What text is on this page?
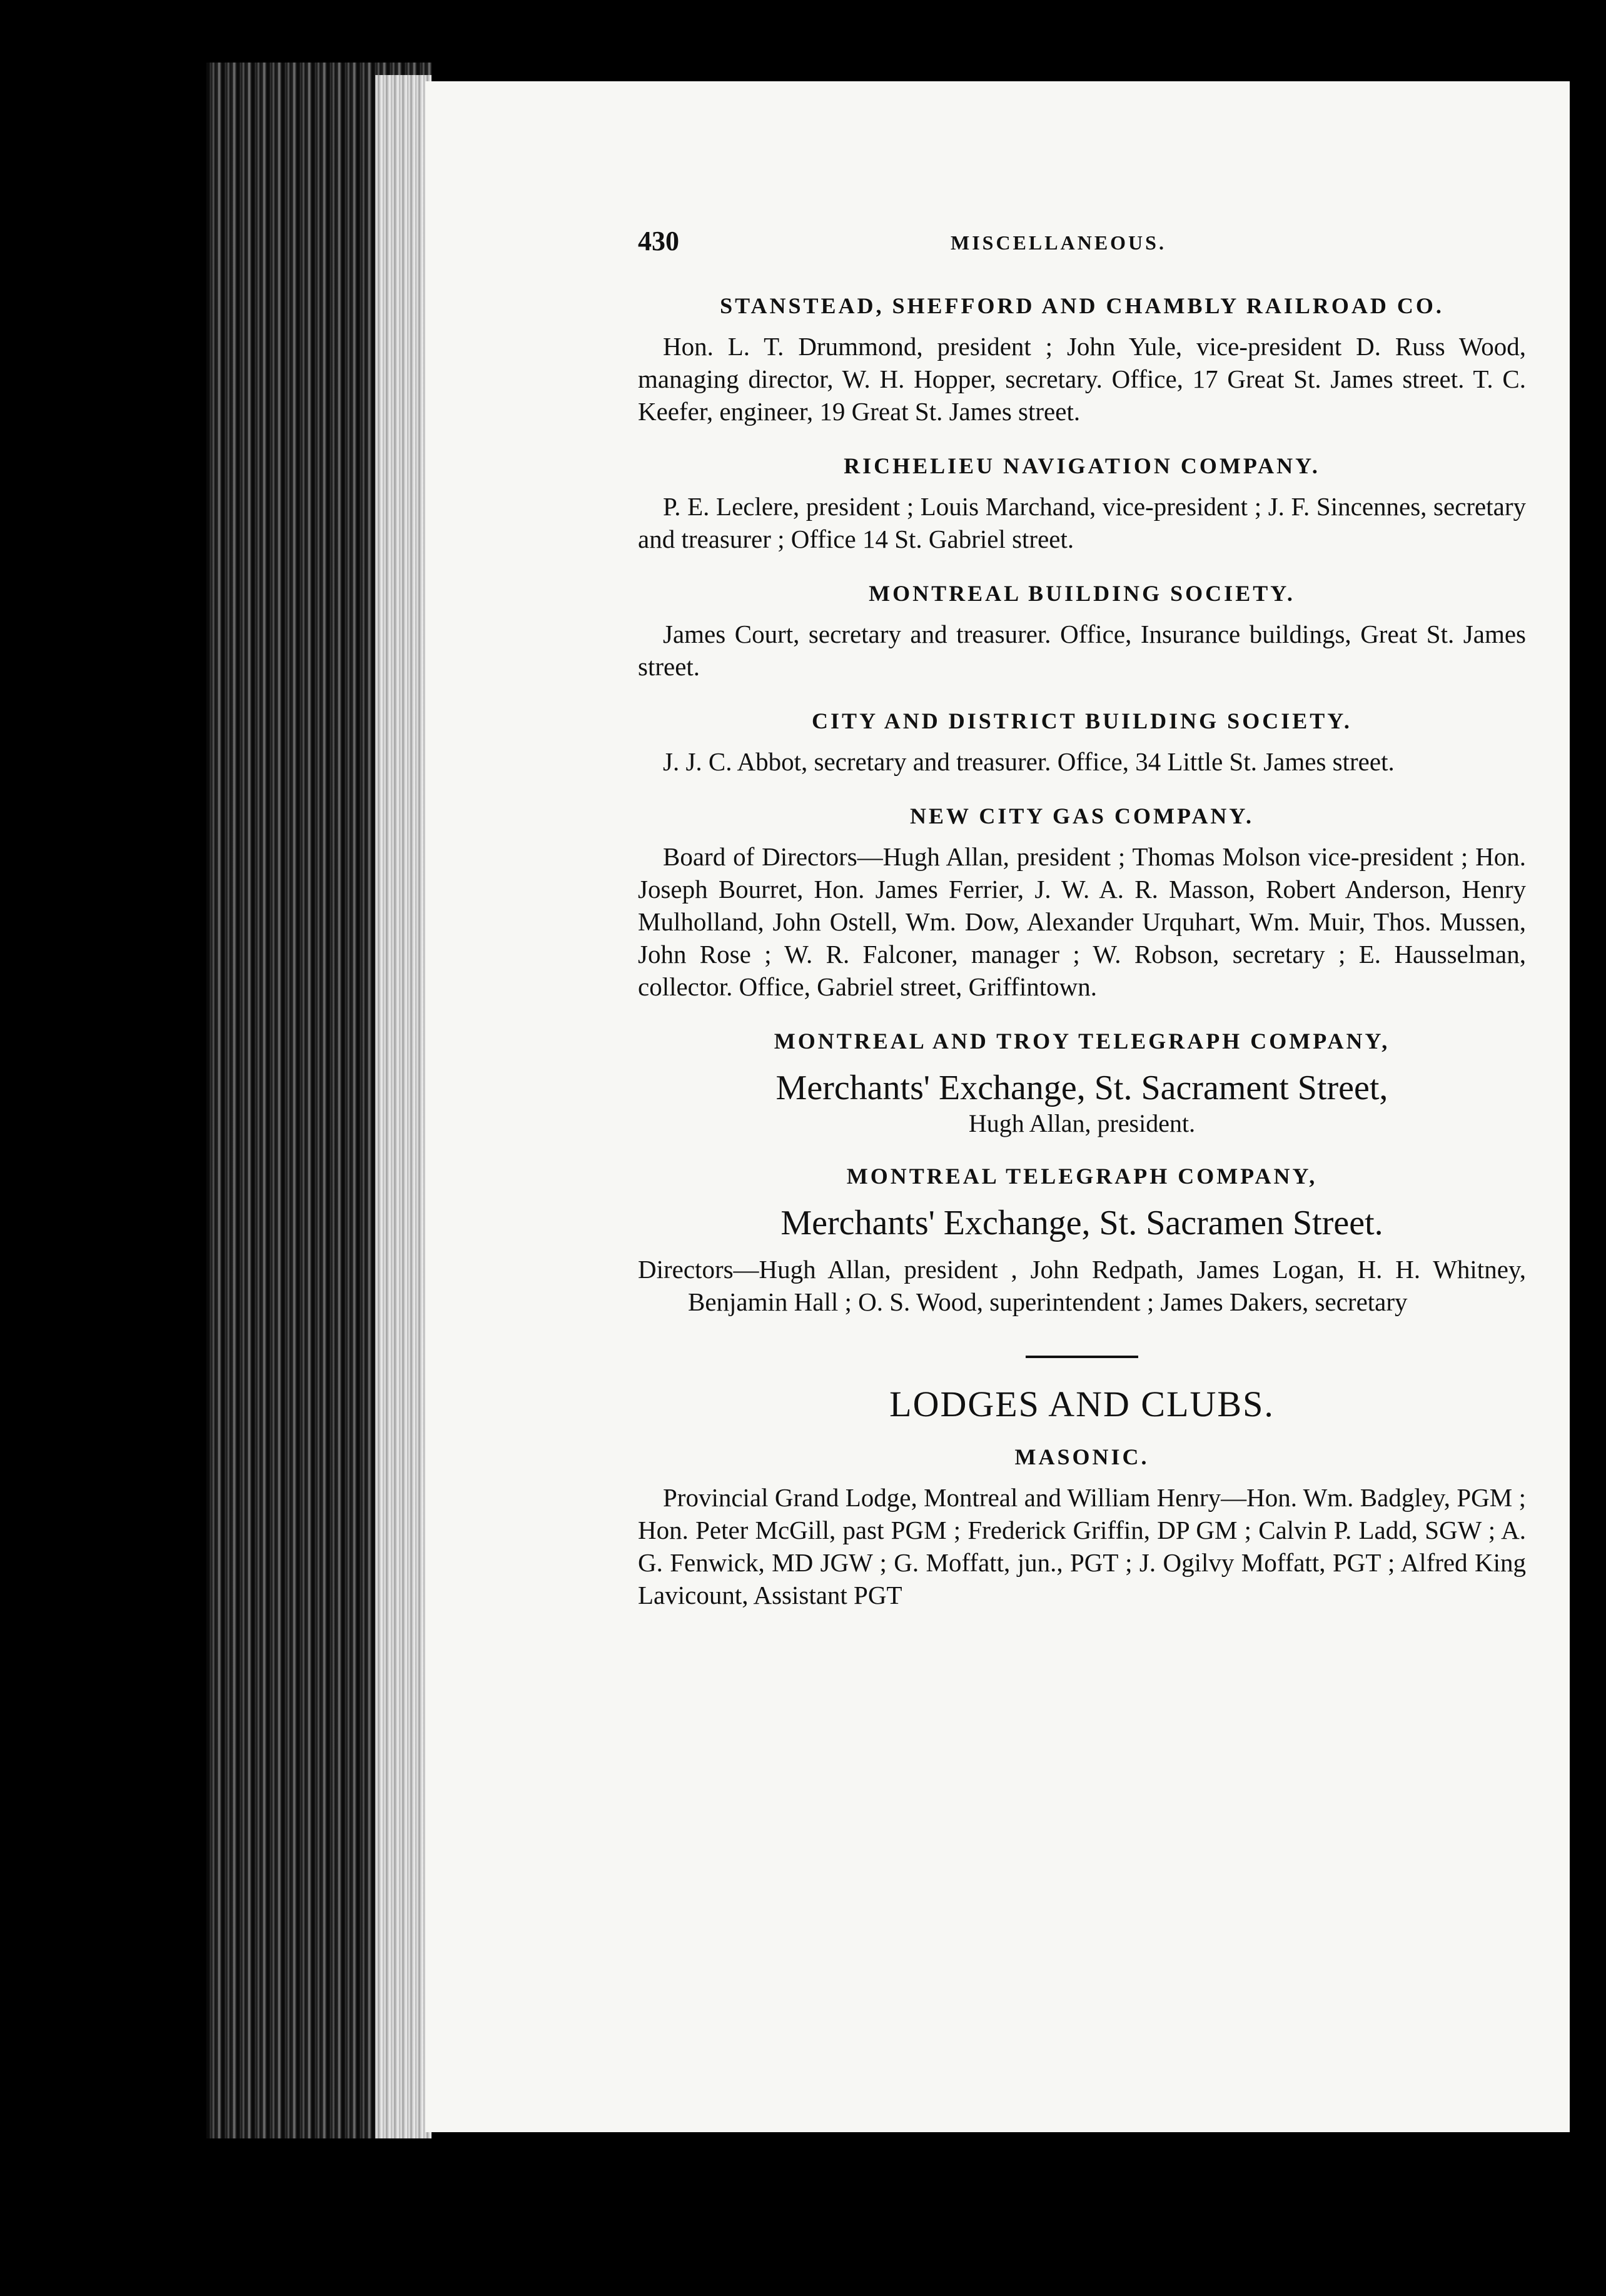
430	MISCELLANEOUS.
STANSTEAD, SHEFFORD AND CHAMBLY RAILROAD CO.

Hon. L. T. Drummond, president ; John Yule, vice-president D. Russ Wood, managing director, W. H. Hopper, secretary. Office, 17 Great St. James street. T. C. Keefer, engineer, 19 Great St. James street.

RICHELIEU NAVIGATION COMPANY.

P. E. Leclere, president ; Louis Marchand, vice-president ; J. F. Sincennes, secretary and treasurer ; Office 14 St. Gabriel street.

MONTREAL BUILDING SOCIETY.

James Court, secretary and treasurer. Office, Insurance buildings, Great St. James street.

CITY AND DISTRICT BUILDING SOCIETY.

J. J. C. Abbot, secretary and treasurer. Office, 34 Little St. James street.

NEW CITY GAS COMPANY.

Board of Directors—Hugh Allan, president ; Thomas Molson vice-president ; Hon. Joseph Bourret, Hon. James Ferrier, J. W. A. R. Masson, Robert Anderson, Henry Mulholland, John Ostell, Wm. Dow, Alexander Urquhart, Wm. Muir, Thos. Mussen, John Rose ; W. R. Falconer, manager ; W. Robson, secretary ; E. Hausselman, collector. Office, Gabriel street, Griffintown.

MONTREAL AND TROY TELEGRAPH COMPANY,
Merchants' Exchange, St. Sacrament Street,
Hugh Allan, president.
MONTREAL TELEGRAPH COMPANY,
Merchants' Exchange, St. Sacramen Street.

Directors—Hugh Allan, president , John Redpath, James Logan, H. H. Whitney, Benjamin Hall ; O. S. Wood, superintendent ; James Dakers, secretary

LODGES AND CLUBS.
MASONIC.

Provincial Grand Lodge, Montreal and William Henry—Hon. Wm. Badgley, PGM ; Hon. Peter McGill, past PGM ; Frederick Griffin, DP GM ; Calvin P. Ladd, SGW ; A. G. Fenwick, MD JGW ; G. Moffatt, jun., PGT ; J. Ogilvy Moffatt, PGT ; Alfred King Lavicount, Assistant PGT
